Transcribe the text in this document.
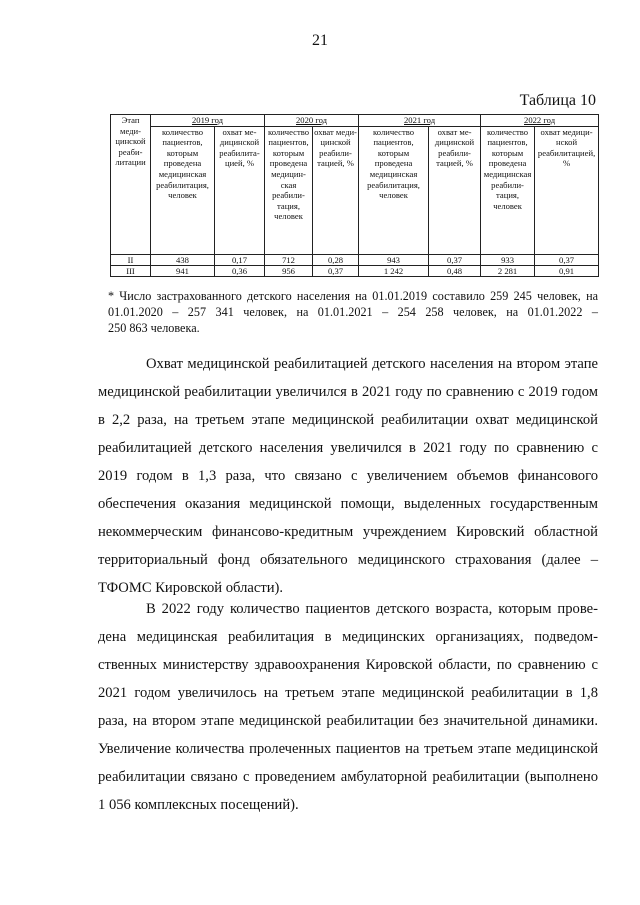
21
Таблица 10
Этап медицинской реабилитации	2019 год		2020 год		2021 год		2022 год	
	количество пациентов, которым проведена медицинская реабилитация, человек	охват медицинской реабилитацией, %	количество пациентов, которым проведена медицинская реабилитация, человек	охват медицинской реабилитацией, %	количество пациентов, которым проведена медицинская реабилитация, человек	охват медицинской реабилитацией, %	количество пациентов, которым проведена медицинская реабилитация, человек	охват медицинской реабилитацией, %
II	438	0,17	712	0,28	943	0,37	933	0,37
III	941	0,36	956	0,37	1 242	0,48	2 281	0,91
* Число застрахованного детского населения на 01.01.2019 составило 259 245 человек, на 01.01.2020 – 257 341 человек, на 01.01.2021 – 254 258 человек, на 01.01.2022 –
250 863 человека.

Охват медицинской реабилитацией детского населения на втором этапе медицинской реабилитации увеличился в 2021 году по сравнению с 2019 годом в 2,2 раза, на третьем этапе медицинской реабилитации охват медицинской реабилитацией детского населения увеличился в 2021 году по сравнению с 2019 годом в 1,3 раза, что связано с увеличением объемов финансового обеспечения оказания медицинской помощи, выделенных государственным некоммерческим финансово-кредитным учреждением Кировский областной территориальный фонд обязательного медицинского страхования (далее – ТФОМС Кировской области).

В 2022 году количество пациентов детского возраста, которым проведена медицинская реабилитация в медицинских организациях, подведомственных министерству здравоохранения Кировской области, по сравнению с 2021 годом увеличилось на третьем этапе медицинской реабилитации в 1,8 раза, на втором этапе медицинской реабилитации без значительной динамики. Увеличение количества пролеченных пациентов на третьем этапе медицинской реабилитации связано с проведением амбулаторной реабилитации (выполнено 1 056 комплексных посещений).
